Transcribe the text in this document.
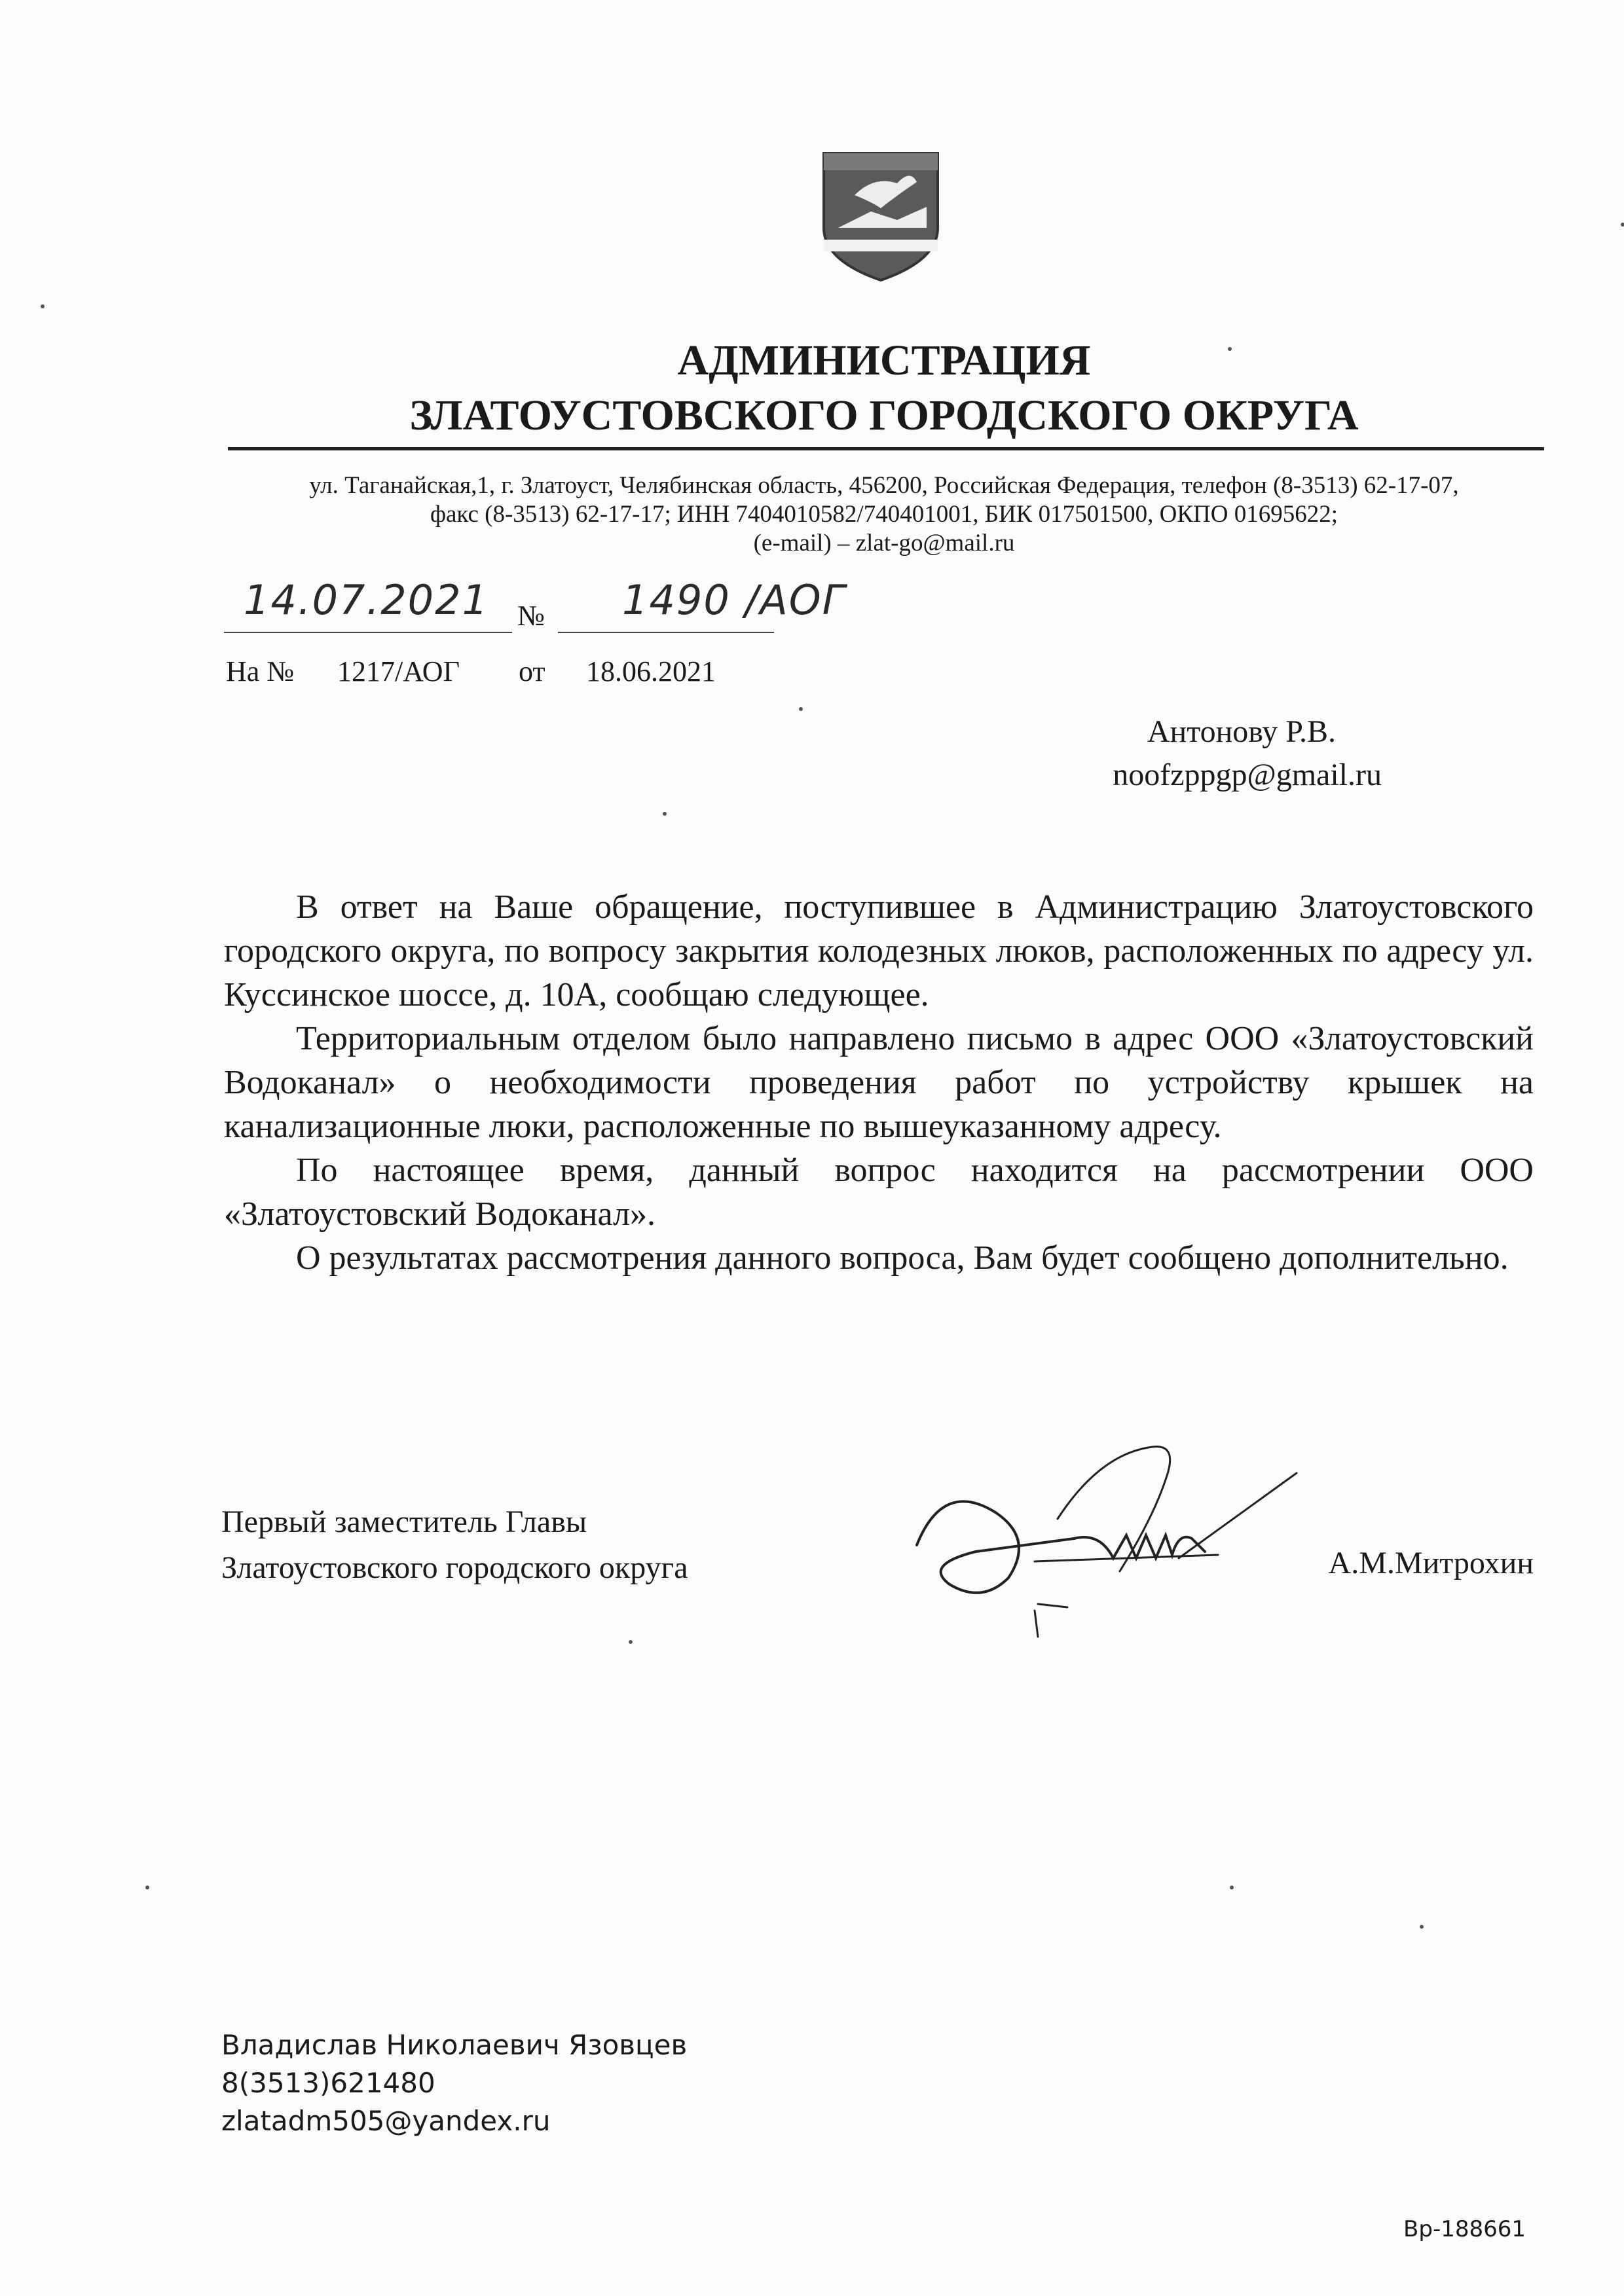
АДМИНИСТРАЦИЯ
ЗЛАТОУСТОВСКОГО ГОРОДСКОГО ОКРУГА
ул. Таганайская,1, г. Златоуст, Челябинская область, 456200, Российская Федерация, телефон (8-3513) 62-17-07,
факс (8-3513) 62-17-17; ИНН 7404010582/740401001, БИК 017501500, ОКПО 01695622;
(e-mail) – zlat-go@mail.ru
14.07.2021 № 1490 /АОГ
На № 1217/АОГ от 18.06.2021
Антонову Р.В.
noofzppgp@gmail.ru

В ответ на Ваше обращение, поступившее в Администрацию Златоустовского городского округа, по вопросу закрытия колодезных люков, расположенных по адресу ул. Куссинское шоссе, д. 10А, сообщаю следующее.

Территориальным отделом было направлено письмо в адрес ООО «Златоустовский Водоканал» о необходимости проведения работ по устройству крышек на канализационные люки, расположенные по вышеуказанному адресу.

По настоящее время, данный вопрос находится на рассмотрении ООО «Златоустовский Водоканал».

О результатах рассмотрения данного вопроса, Вам будет сообщено дополнительно.

Первый заместитель Главы
Златоустовского городского округа	А.М.Митрохин
Владислав Николаевич Язовцев
8(3513)621480
zlatadm505@yandex.ru
Вр-188661
